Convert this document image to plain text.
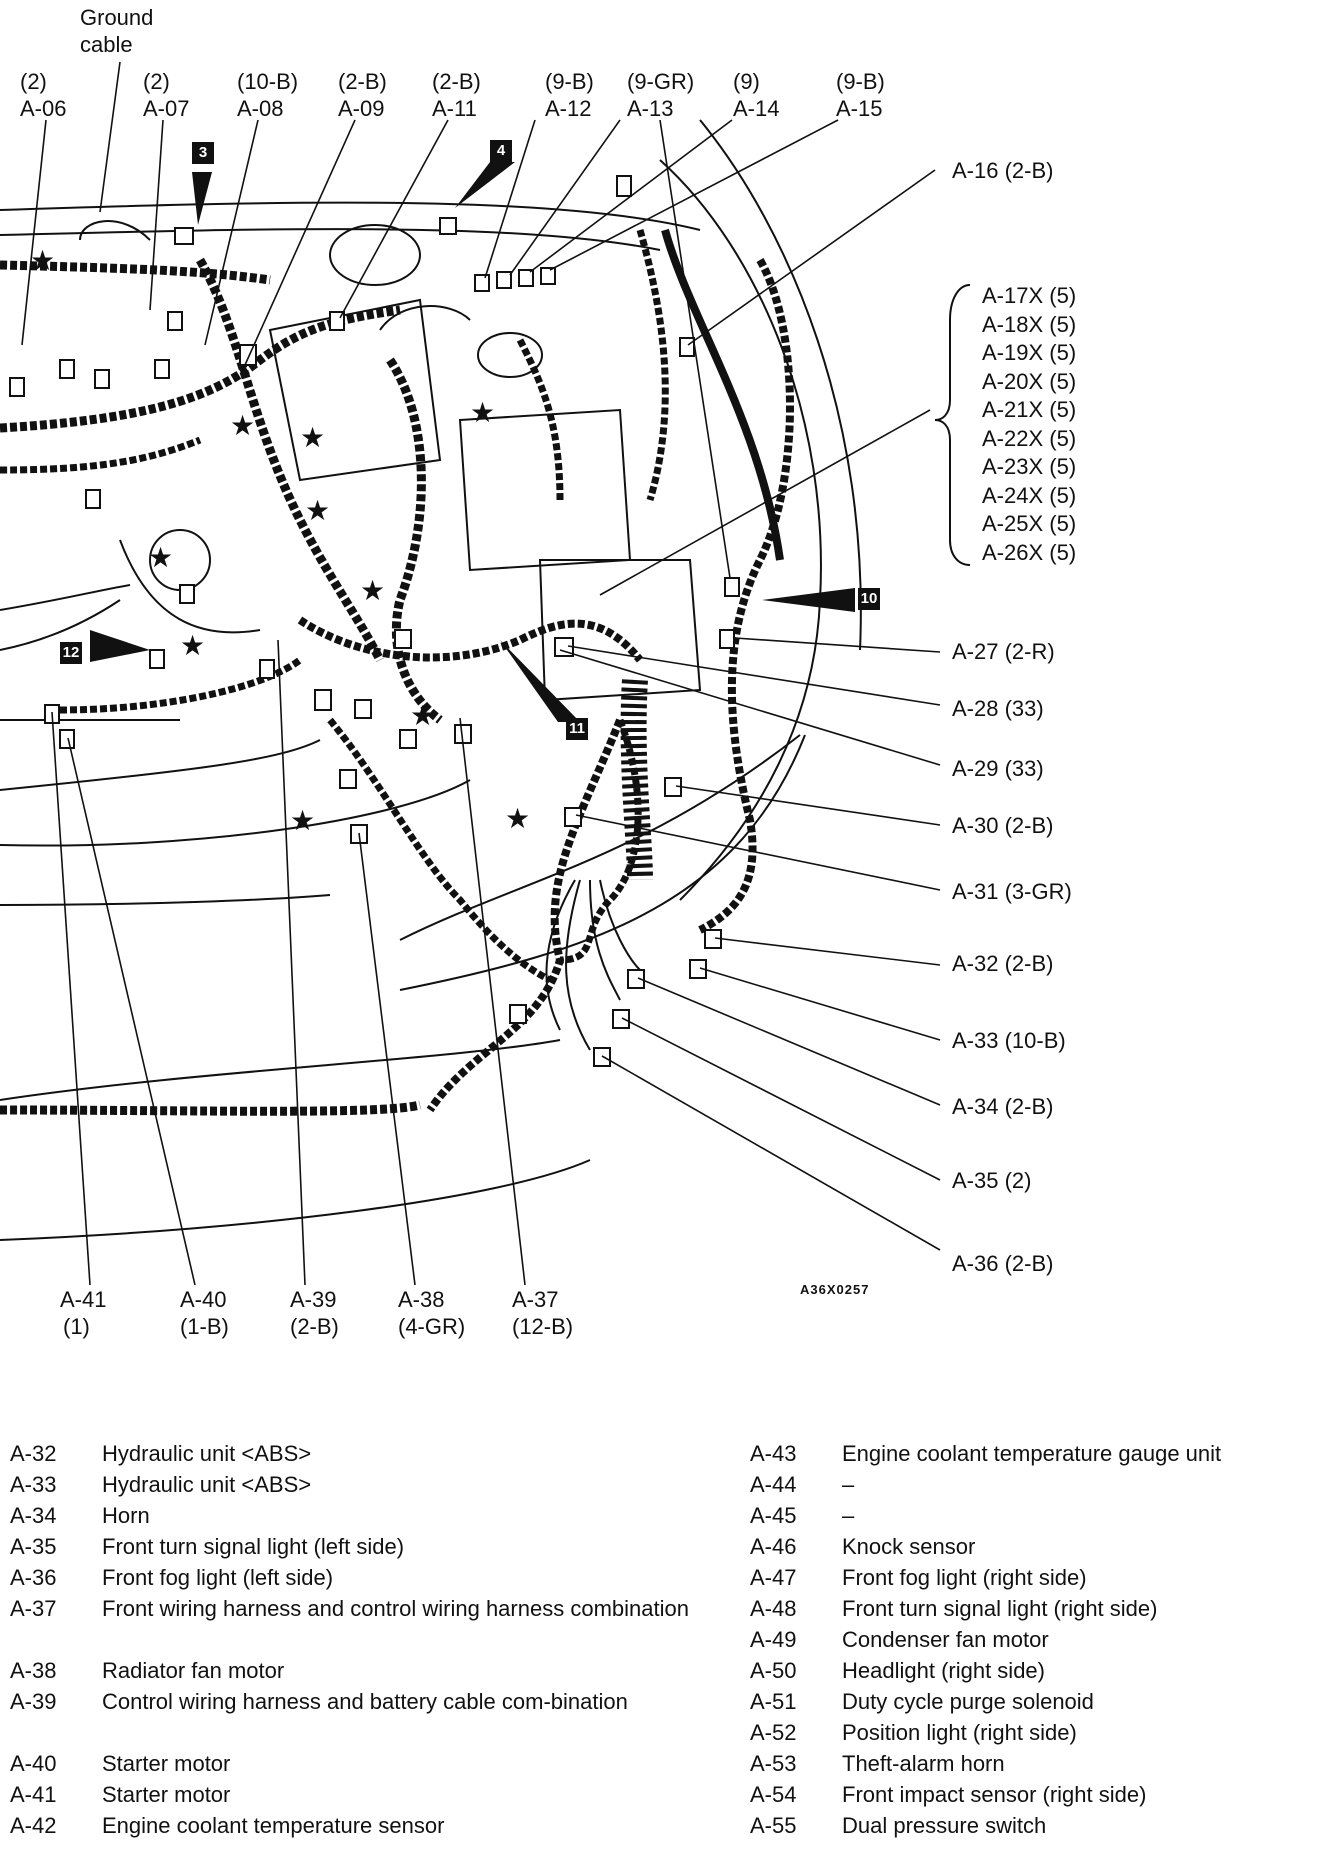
★
★ ★
★
★
★
★
★
★
★	★
Ground
cable
(2)
A-06
(2)
A-07
(10-B)
A-08
(2-B)
A-09
(2-B)
A-11
(9-B)
A-12
(9-GR)
A-13
(9)
A-14
(9-B)
A-15
A-16 (2-B)
A-17X (5)
A-18X (5)
A-19X (5)
A-20X (5)
A-21X (5)
A-22X (5)
A-23X (5)
A-24X (5)
A-25X (5)
A-26X (5)
A-27 (2-R)
A-28 (33)
A-29 (33)
A-30 (2-B)
A-31 (3-GR)
A-32 (2-B)
A-33 (10-B)
A-34 (2-B)
A-35 (2)
A-36 (2-B)
A-41
(1)
A-40
(1-B)
A-39
(2-B)
A-38
(4-GR)
A-37
(12-B)
3	4
10
12
11
A36X0257
A-32 Hydraulic unit <ABS>
A-33 Hydraulic unit <ABS>
A-34 Horn
A-35 Front turn signal light (left side)
A-36 Front fog light (left side)
A-37 Front wiring harness and control wiring harness combination
A-38 Radiator fan motor
A-39 Control wiring harness and battery cable com-bination
A-40 Starter motor
A-41 Starter motor
A-42 Engine coolant temperature sensor
A-43 Engine coolant temperature gauge unit
A-44 –
A-45 –
A-46 Knock sensor
A-47 Front fog light (right side)
A-48 Front turn signal light (right side)
A-49 Condenser fan motor
A-50 Headlight (right side)
A-51 Duty cycle purge solenoid
A-52 Position light (right side)
A-53 Theft-alarm horn
A-54 Front impact sensor (right side)
A-55 Dual pressure switch
